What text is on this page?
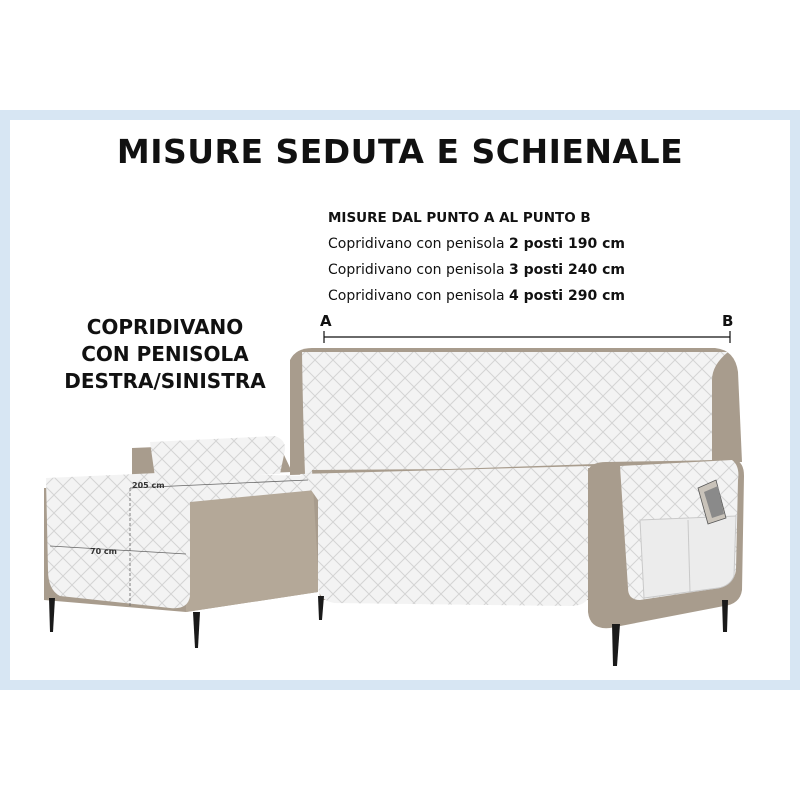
MISURE SEDUTA E SCHIENALE
MISURE DAL PUNTO A AL PUNTO B
Copridivano con penisola 2 posti 190 cm
Copridivano con penisola 3 posti 240 cm
Copridivano con penisola 4 posti 290 cm
COPRIDIVANO
CON PENISOLA
DESTRA/SINISTRA
A	B
205 cm
70 cm
